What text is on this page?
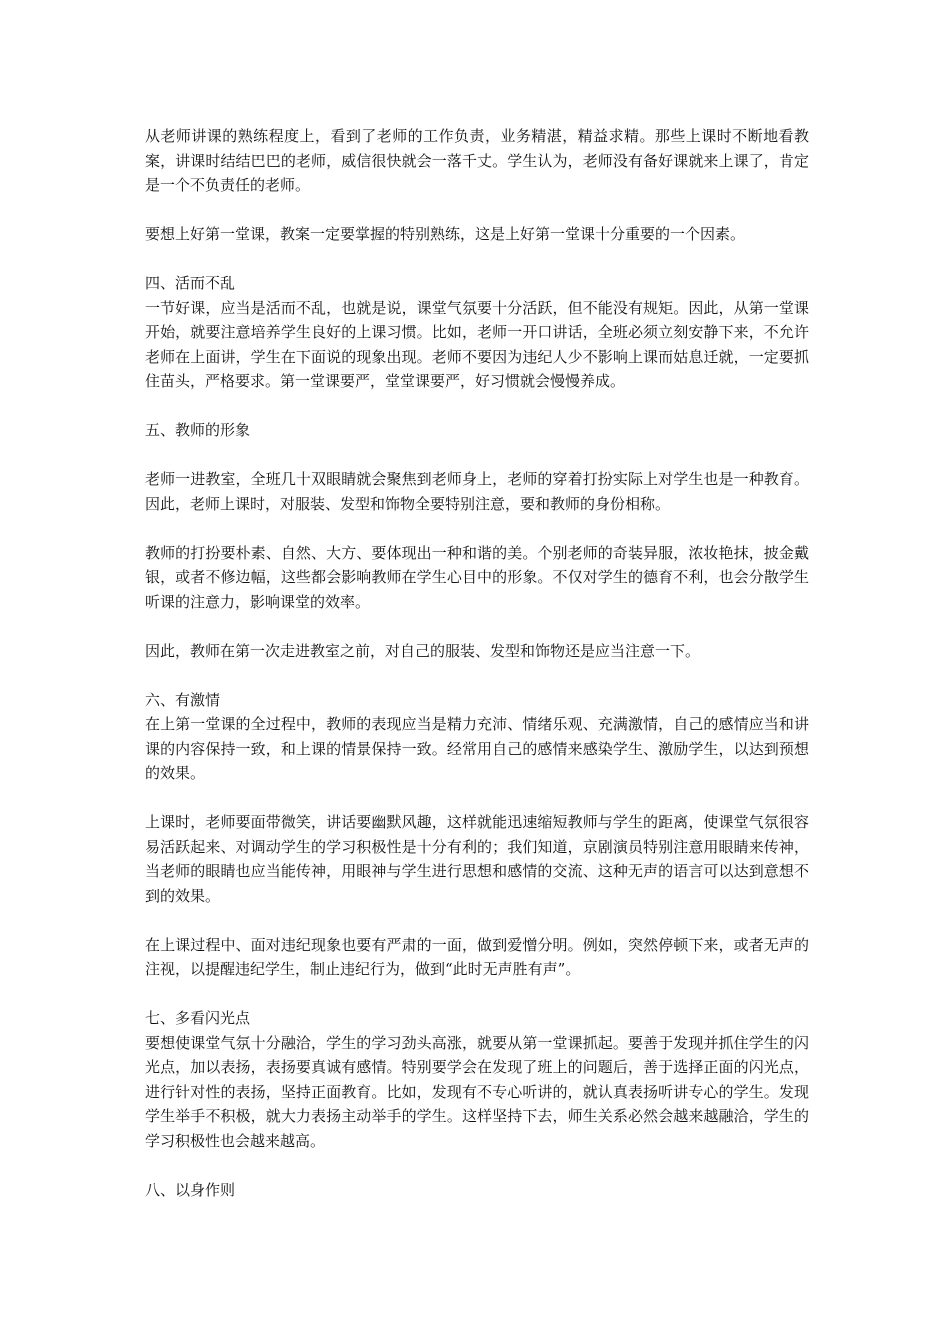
从老师讲课的熟练程度上，看到了老师的工作负责，业务精湛，精益求精。那些上课时不断地看教案，讲课时结结巴巴的老师，威信很快就会一落千丈。学生认为，老师没有备好课就来上课了，肯定是一个不负责任的老师。

要想上好第一堂课，教案一定要掌握的特别熟练，这是上好第一堂课十分重要的一个因素。

四、活而不乱

一节好课，应当是活而不乱，也就是说，课堂气氛要十分活跃，但不能没有规矩。因此，从第一堂课开始，就要注意培养学生良好的上课习惯。比如，老师一开口讲话，全班必须立刻安静下来，不允许老师在上面讲，学生在下面说的现象出现。老师不要因为违纪人少不影响上课而姑息迁就，一定要抓住苗头，严格要求。第一堂课要严，堂堂课要严，好习惯就会慢慢养成。

五、教师的形象

老师一进教室，全班几十双眼睛就会聚焦到老师身上，老师的穿着打扮实际上对学生也是一种教育。因此，老师上课时，对服装、发型和饰物全要特别注意，要和教师的身份相称。

教师的打扮要朴素、自然、大方、要体现出一种和谐的美。个别老师的奇装异服，浓妆艳抹，披金戴银，或者不修边幅，这些都会影响教师在学生心目中的形象。不仅对学生的德育不利，也会分散学生听课的注意力，影响课堂的效率。

因此，教师在第一次走进教室之前，对自己的服装、发型和饰物还是应当注意一下。

六、有激情

在上第一堂课的全过程中，教师的表现应当是精力充沛、情绪乐观、充满激情，自己的感情应当和讲课的内容保持一致，和上课的情景保持一致。经常用自己的感情来感染学生、激励学生，以达到预想的效果。

上课时，老师要面带微笑，讲话要幽默风趣，这样就能迅速缩短教师与学生的距离，使课堂气氛很容易活跃起来、对调动学生的学习积极性是十分有利的；我们知道，京剧演员特别注意用眼睛来传神，当老师的眼睛也应当能传神，用眼神与学生进行思想和感情的交流、这种无声的语言可以达到意想不到的效果。

在上课过程中、面对违纪现象也要有严肃的一面，做到爱憎分明。例如，突然停顿下来，或者无声的注视，以提醒违纪学生，制止违纪行为，做到“此时无声胜有声”。

七、多看闪光点

要想使课堂气氛十分融洽，学生的学习劲头高涨，就要从第一堂课抓起。要善于发现并抓住学生的闪光点，加以表扬，表扬要真诚有感情。特别要学会在发现了班上的问题后，善于选择正面的闪光点，进行针对性的表扬，坚持正面教育。比如，发现有不专心听讲的，就认真表扬听讲专心的学生。发现学生举手不积极，就大力表扬主动举手的学生。这样坚持下去，师生关系必然会越来越融洽，学生的学习积极性也会越来越高。

八、以身作则
